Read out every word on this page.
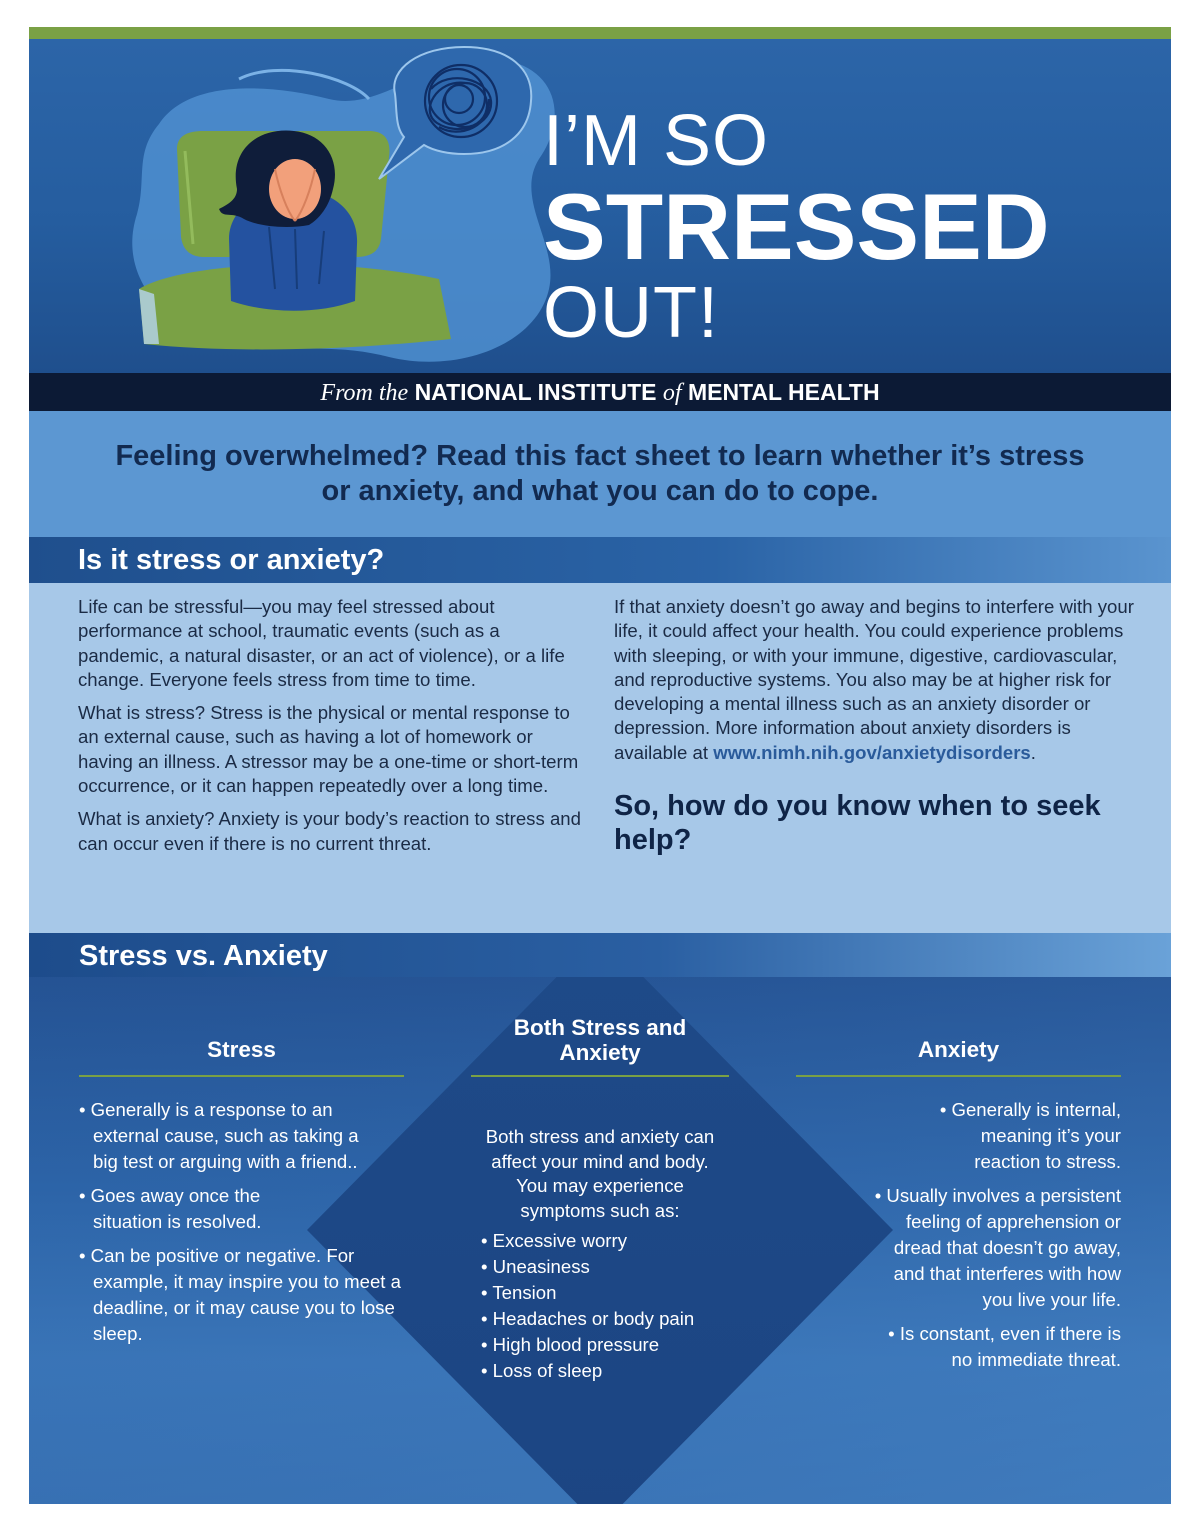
I’M SO
STRESSED
OUT!
From the NATIONAL INSTITUTE of MENTAL HEALTH

Feeling overwhelmed? Read this fact sheet to learn whether it’s stress or anxiety, and what you can do to cope.

Is it stress or anxiety?

Life can be stressful—you may feel stressed about performance at school, traumatic events (such as a pandemic, a natural disaster, or an act of violence), or a life change. Everyone feels stress from time to time.

What is stress? Stress is the physical or mental response to an external cause, such as having a lot of homework or having an illness. A stressor may be a one-time or short-term occurrence, or it can happen repeatedly over a long time.

What is anxiety? Anxiety is your body’s reaction to stress and can occur even if there is no current threat.

If that anxiety doesn’t go away and begins to interfere with your life, it could affect your health. You could experience problems with sleeping, or with your immune, digestive, cardiovascular, and reproductive systems. You also may be at higher risk for developing a mental illness such as an anxiety disorder or depression. More information about anxiety disorders is available at www.nimh.nih.gov/anxietydisorders.

So, how do you know when to seek help?
Stress vs. Anxiety
Stress
• Generally is a response to an external cause, such as taking a big test or arguing with a friend..
• Goes away once the situation is resolved.
• Can be positive or negative. For example, it may inspire you to meet a deadline, or it may cause you to lose sleep.
Both Stress and Anxiety

Both stress and anxiety can affect your mind and body. You may experience symptoms such as:

• Excessive worry
• Uneasiness
• Tension
• Headaches or body pain
• High blood pressure
• Loss of sleep
Anxiety
• Generally is internal, meaning it’s your reaction to stress.
• Usually involves a persistent feeling of apprehension or dread that doesn’t go away, and that interferes with how you live your life.
• Is constant, even if there is no immediate threat.
